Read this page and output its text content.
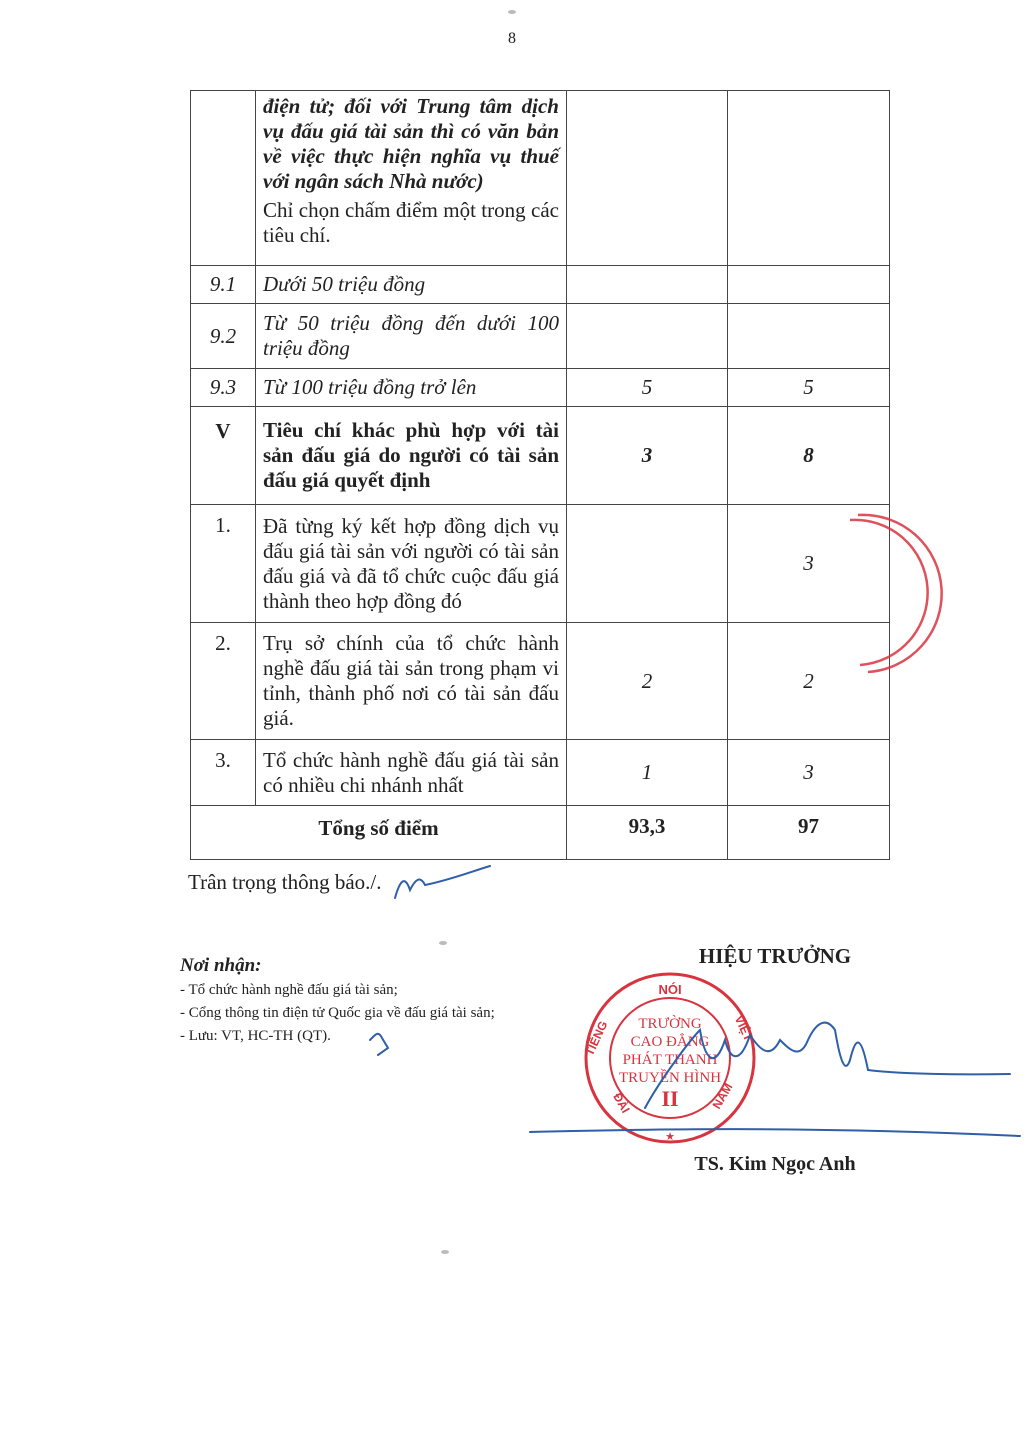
8

	điện tử; đối với Trung tâm dịch vụ đấu giá tài sản thì có văn bản về việc thực hiện nghĩa vụ thuế với ngân sách Nhà nước)
Chỉ chọn chấm điểm một trong các tiêu chí.		

9.1	Dưới 50 triệu đồng		
9.2	Từ 50 triệu đồng đến dưới 100 triệu đồng		
9.3	Từ 100 triệu đồng trở lên	5	5
V	Tiêu chí khác phù hợp với tài sản đấu giá do người có tài sản đấu giá quyết định	3	8
1.	Đã từng ký kết hợp đồng dịch vụ đấu giá tài sản với người có tài sản đấu giá và đã tổ chức cuộc đấu giá thành theo hợp đồng đó		3
2.	Trụ sở chính của tổ chức hành nghề đấu giá tài sản trong phạm vi tỉnh, thành phố nơi có tài sản đấu giá.	2	2
3.	Tổ chức hành nghề đấu giá tài sản có nhiều chi nhánh nhất	1	3
Tổng số điểm		93,3	97
Trân trọng thông báo./.
Nơi nhận:
- Tổ chức hành nghề đấu giá tài sản;
- Cổng thông tin điện tử Quốc gia về đấu giá tài sản;
- Lưu: VT, HC-TH (QT).
HIỆU TRƯỞNG
NÓI
TIẾNG	VIỆT
ĐÀI	NAM
TRƯỜNG
CAO ĐẲNG
PHÁT THANH
TRUYỀN HÌNH
II
★
TS. Kim Ngọc Anh
